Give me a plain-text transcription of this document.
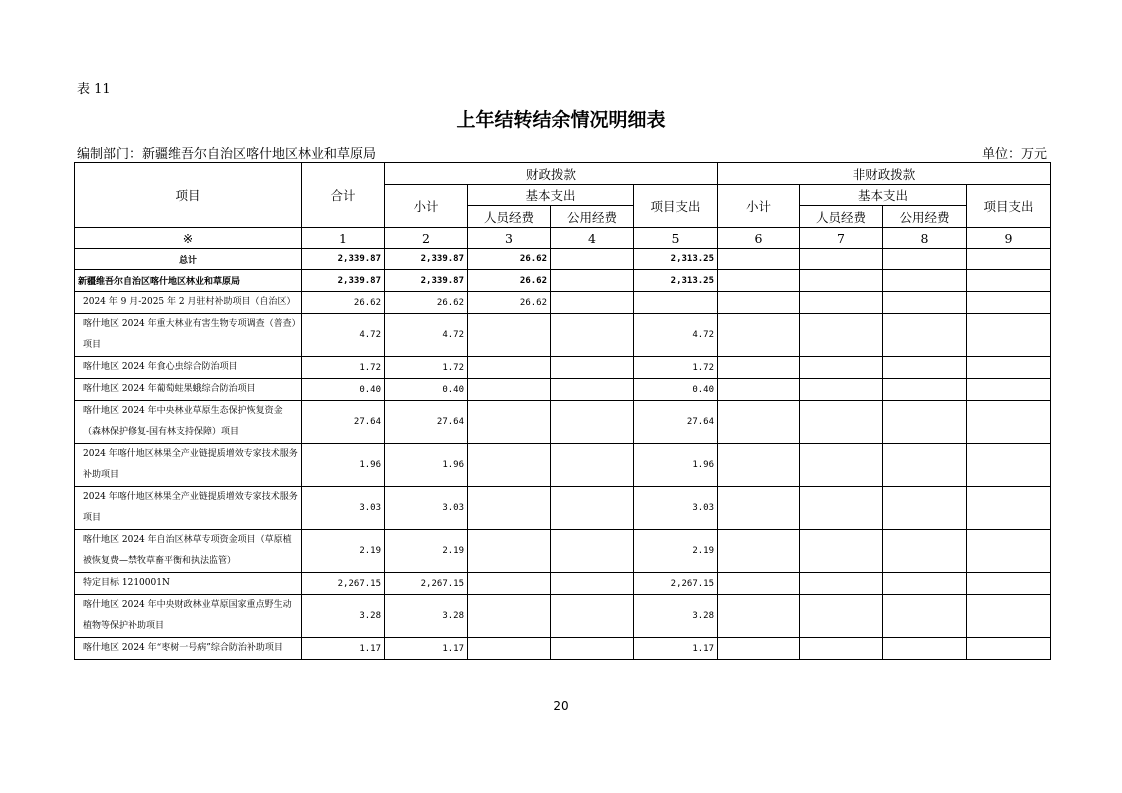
表 11
上年结转结余情况明细表
编制部门：新疆维吾尔自治区喀什地区林业和草原局	单位：万元
项目	合计	财政拨款				非财政拨款			
		小计	基本支出		项目支出	小计	基本支出		项目支出
			人员经费	公用经费			人员经费	公用经费	
※	1	2	3	4	5	6	7	8	9
总计	2,339.87	2,339.87	26.62		2,313.25				
新疆维吾尔自治区喀什地区林业和草原局	2,339.87	2,339.87	26.62		2,313.25				
2024 年 9 月-2025 年 2 月驻村补助项目（自治区）	26.62	26.62	26.62						
喀什地区 2024 年重大林业有害生物专项调查（普查）项目	4.72	4.72			4.72				
喀什地区 2024 年食心虫综合防治项目	1.72	1.72			1.72				
喀什地区 2024 年葡萄蛀果蛾综合防治项目	0.40	0.40			0.40				
喀什地区 2024 年中央林业草原生态保护恢复资金（森林保护修复-国有林支持保障）项目	27.64	27.64			27.64				
2024 年喀什地区林果全产业链提质增效专家技术服务补助项目	1.96	1.96			1.96				
2024 年喀什地区林果全产业链提质增效专家技术服务项目	3.03	3.03			3.03				
喀什地区 2024 年自治区林草专项资金项目（草原植被恢复费—禁牧草畜平衡和执法监管）	2.19	2.19			2.19				
特定目标 1210001N	2,267.15	2,267.15			2,267.15				
喀什地区 2024 年中央财政林业草原国家重点野生动植物等保护补助项目	3.28	3.28			3.28				
喀什地区 2024 年“枣树一号病”综合防治补助项目	1.17	1.17			1.17				
20
